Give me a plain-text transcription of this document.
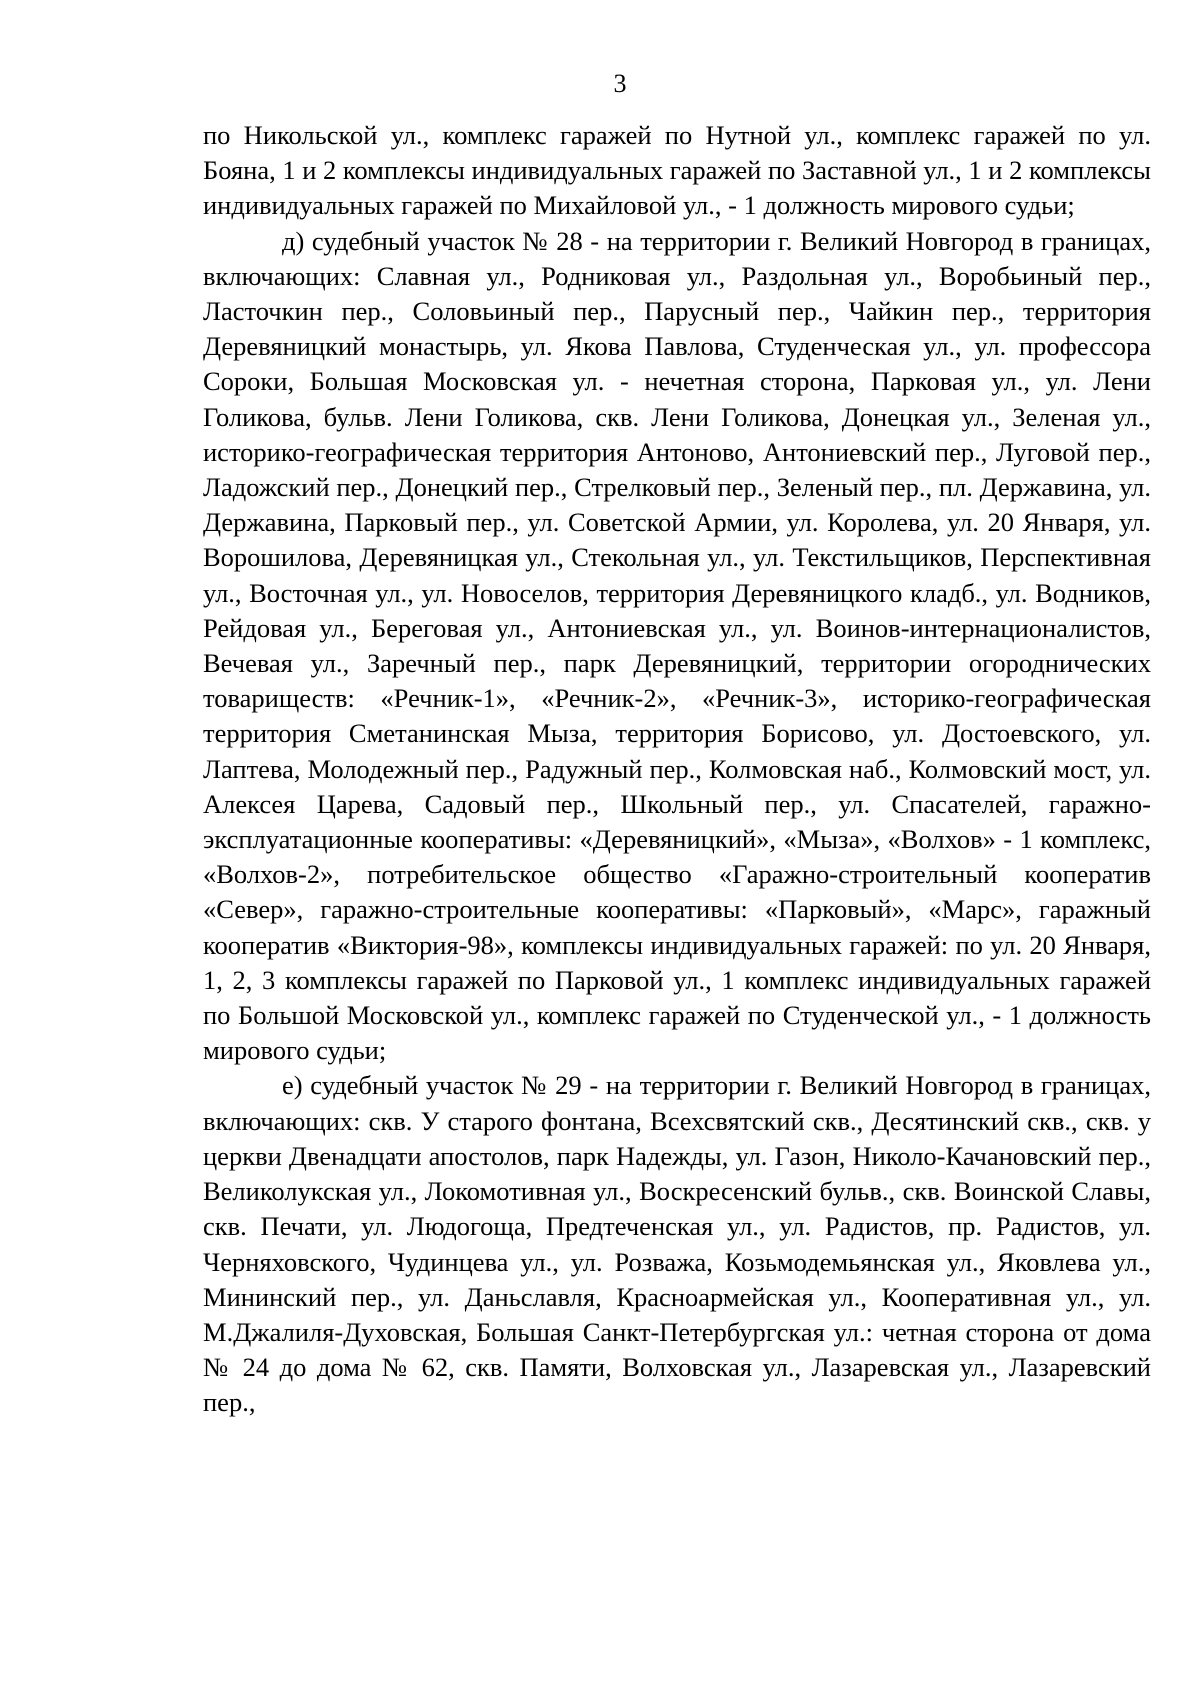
3

по Никольской ул., комплекс гаражей по Нутной ул., комплекс гаражей по ул. Бояна, 1 и 2 комплексы индивидуальных гаражей по Заставной ул., 1 и 2 комплексы индивидуальных гаражей по Михайловой ул., - 1 должность мирового судьи;

д) судебный участок № 28 - на территории г. Великий Новгород в границах, включающих: Славная ул., Родниковая ул., Раздольная ул., Воробьиный пер., Ласточкин пер., Соловьиный пер., Парусный пер., Чайкин пер., территория Деревяницкий монастырь, ул. Якова Павлова, Студенческая ул., ул. профессора Сороки, Большая Московская ул. - нечетная сторона, Парковая ул., ул. Лени Голикова, бульв. Лени Голикова, скв. Лени Голикова, Донецкая ул., Зеленая ул., историко-географическая территория Антоново, Антониевский пер., Луговой пер., Ладожский пер., Донецкий пер., Стрелковый пер., Зеленый пер., пл. Державина, ул. Державина, Парковый пер., ул. Советской Армии, ул. Королева, ул. 20 Января, ул. Ворошилова, Деревяницкая ул., Стекольная ул., ул. Текстильщиков, Перспективная ул., Восточная ул., ул. Новоселов, территория Деревяницкого кладб., ул. Водников, Рейдовая ул., Береговая ул., Антониевская ул., ул. Воинов-интернационалистов, Вечевая ул., Заречный пер., парк Деревяницкий, территории огороднических товариществ: «Речник-1», «Речник-2», «Речник-3», историко-географическая территория Сметанинская Мыза, территория Борисово, ул. Достоевского, ул. Лаптева, Молодежный пер., Радужный пер., Колмовская наб., Колмовский мост, ул. Алексея Царева, Садовый пер., Школьный пер., ул. Спасателей, гаражно-эксплуатационные кооперативы: «Деревяницкий», «Мыза», «Волхов» - 1 комплекс, «Волхов-2», потребительское общество «Гаражно-строительный кооператив «Север», гаражно-строительные кооперативы: «Парковый», «Марс», гаражный кооператив «Виктория-98», комплексы индивидуальных гаражей: по ул. 20 Января, 1, 2, 3 комплексы гаражей по Парковой ул., 1 комплекс индивидуальных гаражей по Большой Московской ул., комплекс гаражей по Студенческой ул., - 1 должность мирового судьи;

е) судебный участок № 29 - на территории г. Великий Новгород в границах, включающих: скв. У старого фонтана, Всехсвятский скв., Десятинский скв., скв. у церкви Двенадцати апостолов, парк Надежды, ул. Газон, Николо-Качановский пер., Великолукская ул., Локомотивная ул., Воскресенский бульв., скв. Воинской Славы, скв. Печати, ул. Людогоща, Предтеченская ул., ул. Радистов, пр. Радистов, ул. Черняховского, Чудинцева ул., ул. Розважа, Козьмодемьянская ул., Яковлева ул., Мининский пер., ул. Даньславля, Красноармейская ул., Кооперативная ул., ул. М.Джалиля-Духовская, Большая Санкт-Петербургская ул.: четная сторона от дома № 24 до дома № 62, скв. Памяти, Волховская ул., Лазаревская ул., Лазаревский пер.,
